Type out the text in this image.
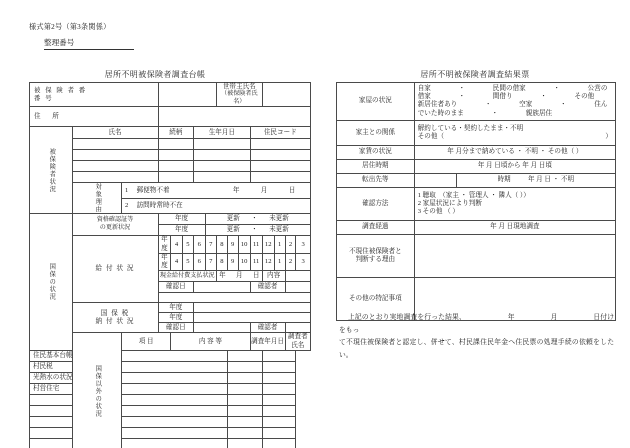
様式第2号（第3条関係）
整理番号
居所不明被保険者調査台帳	居所不明被保険者調査結果票
被 保 険 者 番
番 号

世帯主氏名
（被保険者氏名）

住 所															

被保険者状況	氏名		続柄			生年月日					住民コード				

	対象理由	1 郵便物不着 年 月 日													
		2 訪問時常時不在													

国保の状況	資格確認証等
の更新状況		年度				更新 ・ 未更新								
			年度				更新 ・ 未更新								
	給 付 状 況		年度	4	5	6	7	8	9	10	11	12	1	2	3
			年度	4	5	6	7	8	9	10	11	12	1	2	3
			現金給付費支払状況					年 月 日				内容			
			確認日								確認者				

	国 保 税
納 付 状 況		年度												
			年度												
			確認日								確認者				

	国保以外の状況	項 目		内 容 等							調査年月日			調査者氏名	
住民基本台帳															
村民税															
光熱水の状況															
村営住宅															

家屋の状況	自家 ・ 民間の借家 ・ 公営の借家 ・ 間借り ・ その他
新居住者あり ・ 空家 ・ 住んでいた時のまま ・ 親族居住	

家主との関係	解約している・契約したまま・不明
その他（ ）	

家賃の状況	年 月分まで納めている ・ 不明 ・ その他（ ）	
居住時期	年 月 日頃から 年 月 日頃	
転出先等		時期 年 月 日 ・ 不明
確認方法	1 聴取　（家主 ・ 管理人 ・ 隣人（ ））
2 家屋状況により判断
3 その他 （ ）	

調査経過	年 月 日現地調査	

不現住被保険者と
判断する理由		

その他の特記事項		
上記のとおり実地調査を行った結果、	年	月	日付けをもっ
て不現住被保険者と認定し、併せて、村民課住民年金へ住民票の処理手続の依頼をしたい。
